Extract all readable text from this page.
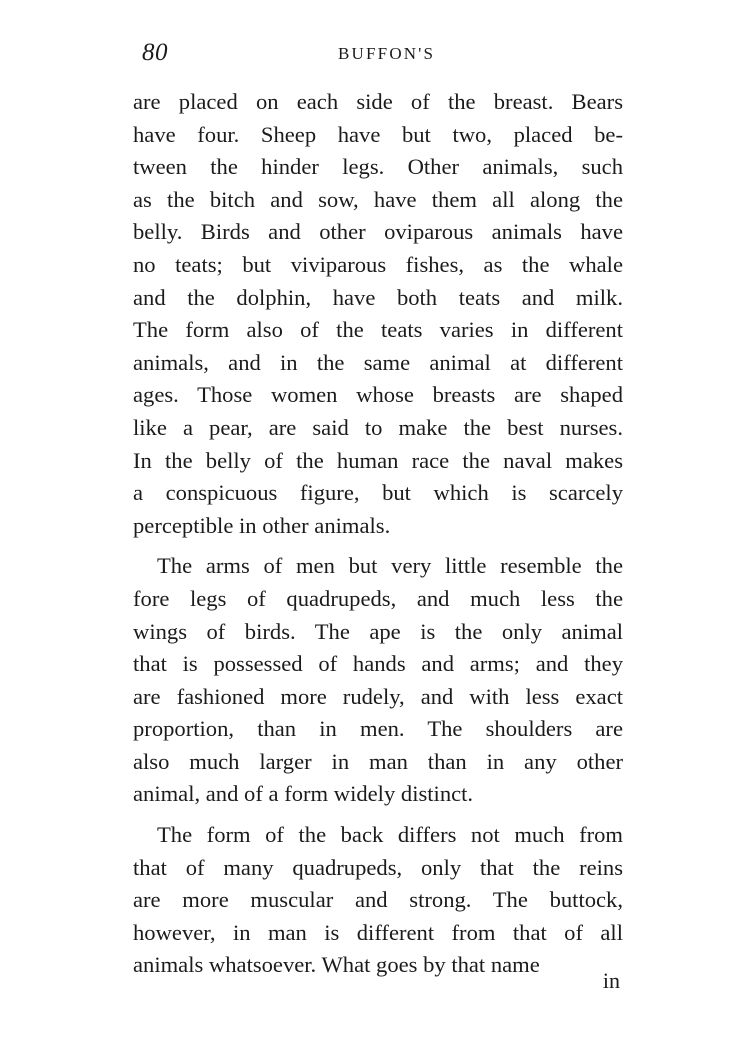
80	BUFFON'S
are placed on each side of the breast. Bears
have four. Sheep have but two, placed be-
tween the hinder legs. Other animals, such
as the bitch and sow, have them all along the
belly. Birds and other oviparous animals have
no teats; but viviparous fishes, as the whale
and the dolphin, have both teats and milk.
The form also of the teats varies in different
animals, and in the same animal at different
ages. Those women whose breasts are shaped
like a pear, are said to make the best nurses.
In the belly of the human race the naval makes
a conspicuous figure, but which is scarcely
perceptible in other animals.
The arms of men but very little resemble the
fore legs of quadrupeds, and much less the
wings of birds. The ape is the only animal
that is possessed of hands and arms; and they
are fashioned more rudely, and with less exact
proportion, than in men. The shoulders are
also much larger in man than in any other
animal, and of a form widely distinct.
The form of the back differs not much from
that of many quadrupeds, only that the reins
are more muscular and strong. The buttock,
however, in man is different from that of all
animals whatsoever. What goes by that name
in
